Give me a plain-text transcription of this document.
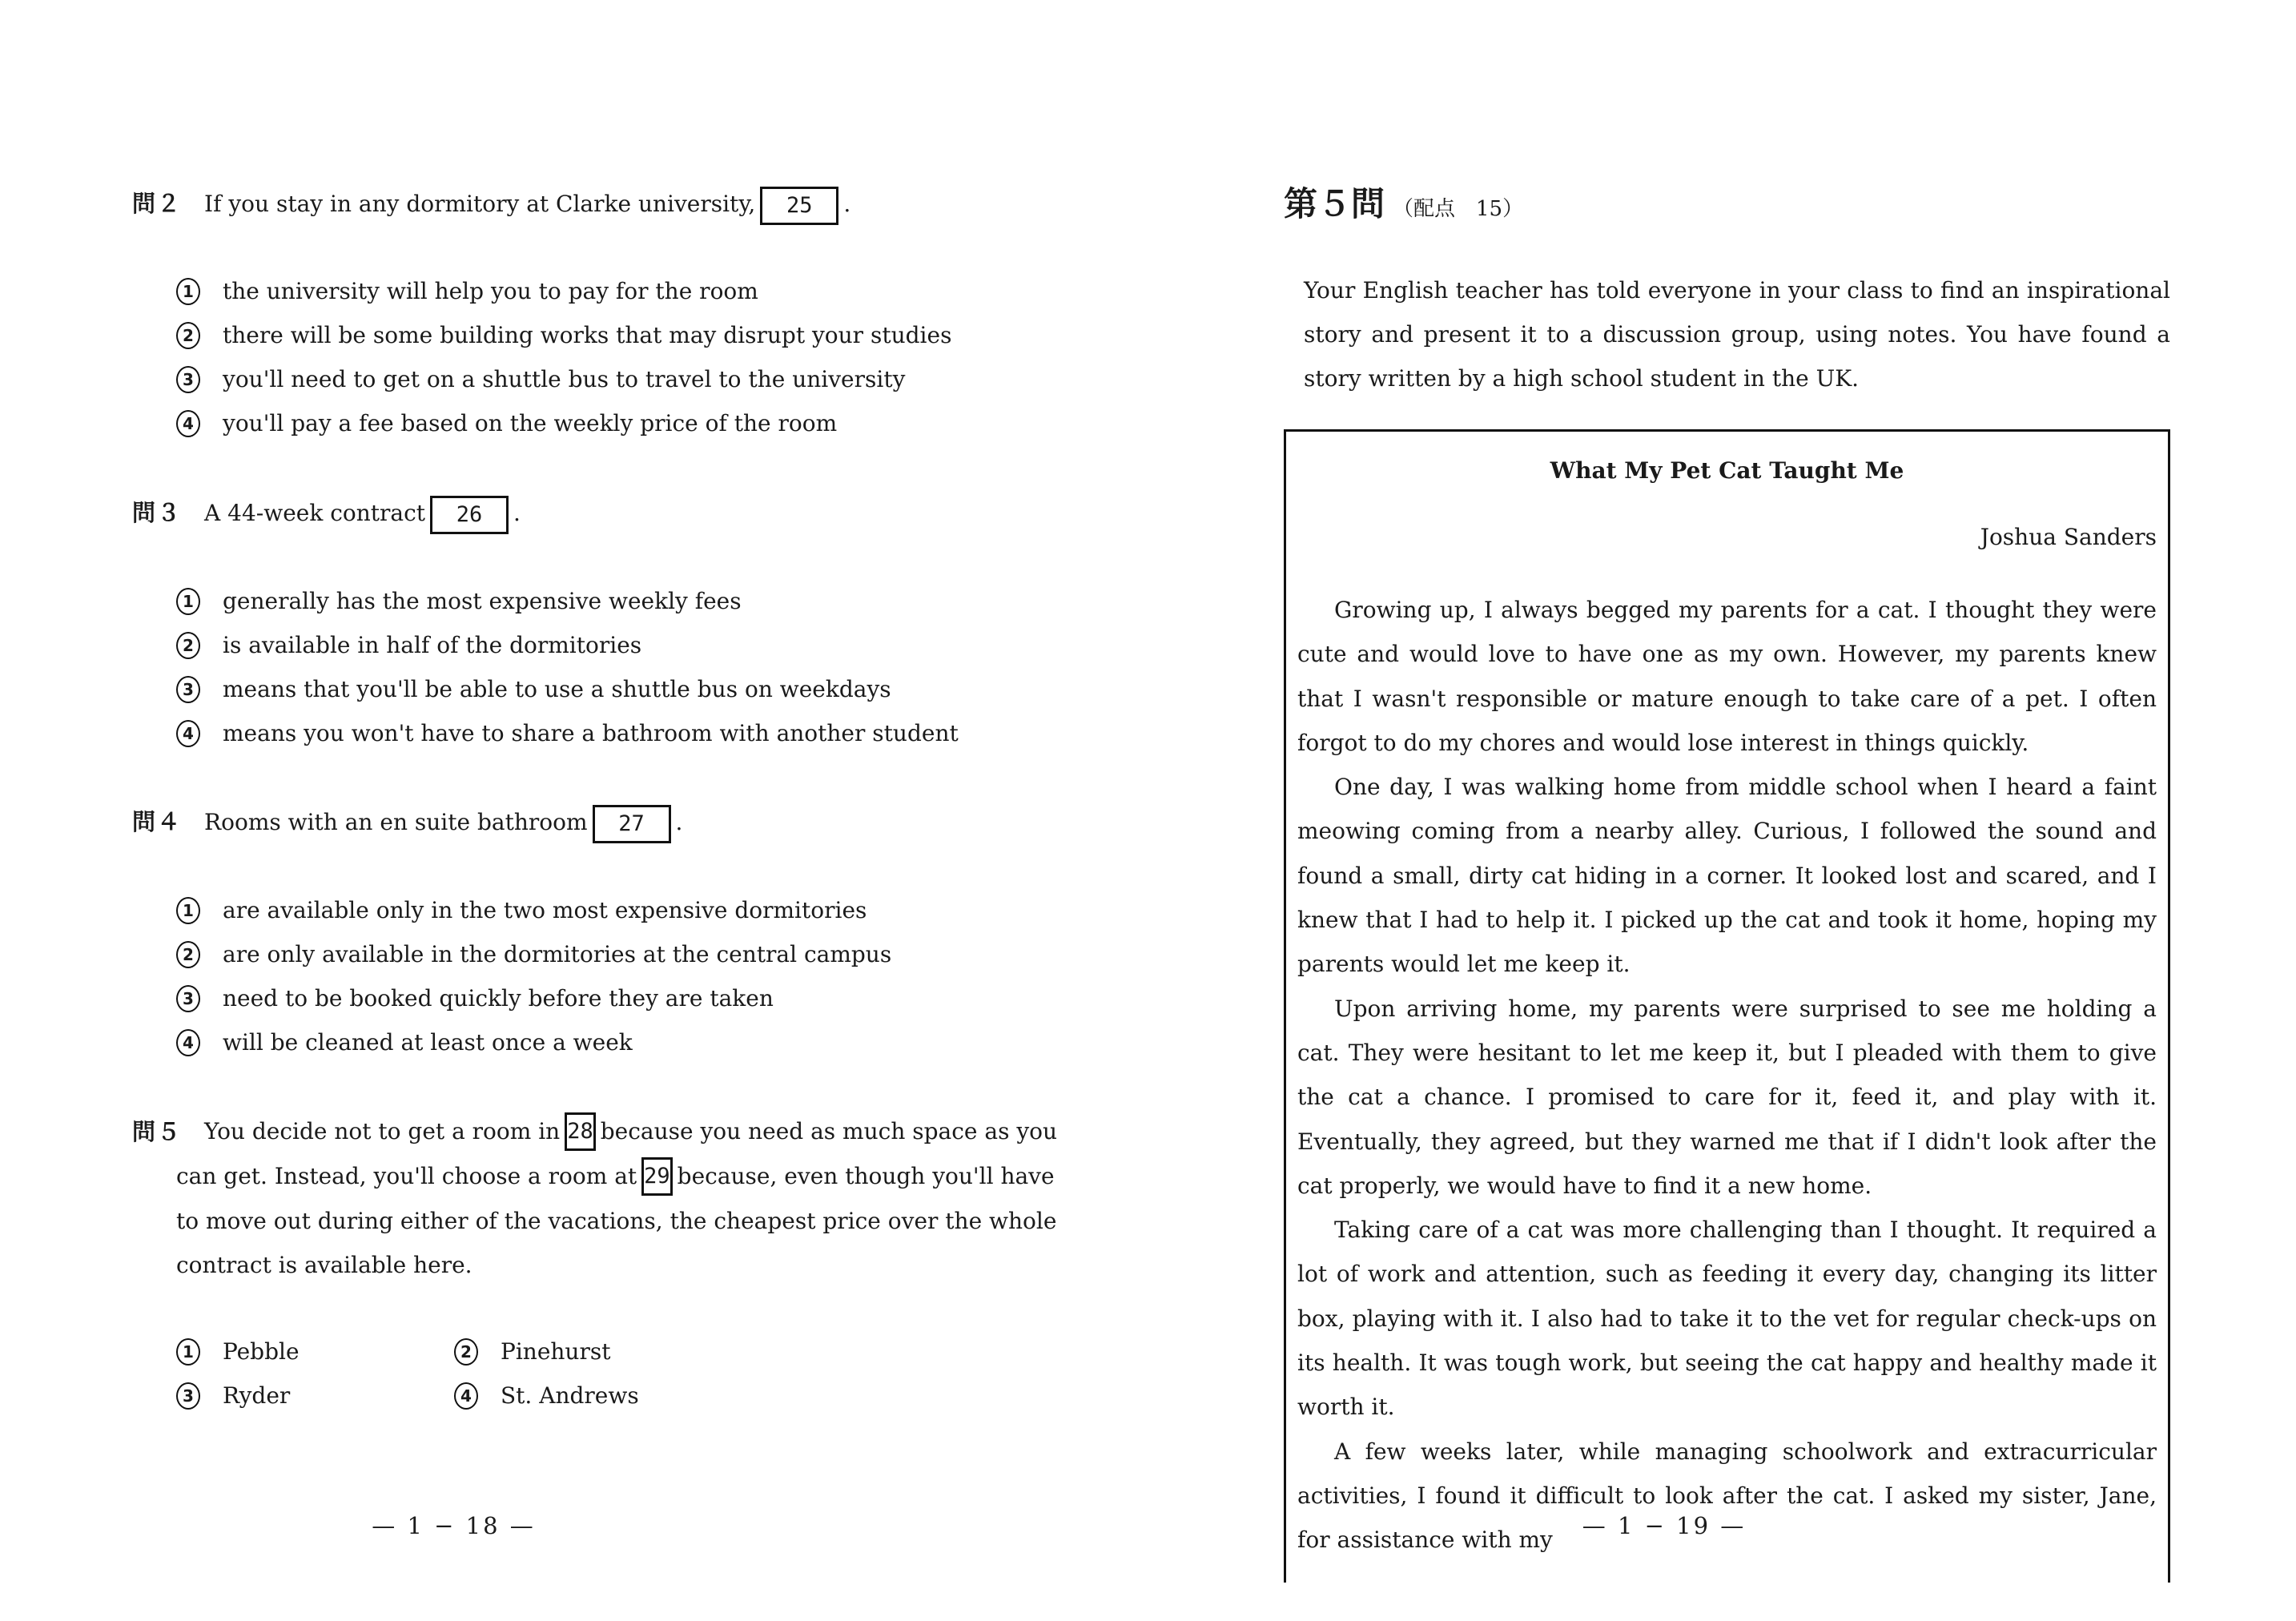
問２ If you stay in any dormitory at Clarke university, 25 .
1 the university will help you to pay for the room
2 there will be some building works that may disrupt your studies
3 you'll need to get on a shuttle bus to travel to the university
4 you'll pay a fee based on the weekly price of the room
問３ A 44-week contract 26 .
1 generally has the most expensive weekly fees
2 is available in half of the dormitories
3 means that you'll be able to use a shuttle bus on weekdays
4 means you won't have to share a bathroom with another student
問４ Rooms with an en suite bathroom 27 .
1 are available only in the two most expensive dormitories
2 are only available in the dormitories at the central campus
3 need to be booked quickly before they are taken
4 will be cleaned at least once a week
問５ You decide not to get a room in 28 because you need as much space as you
can get. Instead, you'll choose a room at 29 because, even though you'll have
to move out during either of the vacations, the cheapest price over the whole
contract is available here.
1 Pebble	2 Pinehurst
3 Ryder	4 St. Andrews
— 1 − 18 —
第５問 （配点　15）
Your English teacher has told everyone in your class to find an inspirational story and present it to a discussion group, using notes. You have found a story written by a high school student in the UK.
What My Pet Cat Taught Me
Joshua Sanders

Growing up, I always begged my parents for a cat. I thought they were cute and would love to have one as my own. However, my parents knew that I wasn't responsible or mature enough to take care of a pet. I often forgot to do my chores and would lose interest in things quickly.

One day, I was walking home from middle school when I heard a faint meowing coming from a nearby alley. Curious, I followed the sound and found a small, dirty cat hiding in a corner. It looked lost and scared, and I knew that I had to help it. I picked up the cat and took it home, hoping my parents would let me keep it.

Upon arriving home, my parents were surprised to see me holding a cat. They were hesitant to let me keep it, but I pleaded with them to give the cat a chance. I promised to care for it, feed it, and play with it. Eventually, they agreed, but they warned me that if I didn't look after the cat properly, we would have to find it a new home.

Taking care of a cat was more challenging than I thought. It required a lot of work and attention, such as feeding it every day, changing its litter box, playing with it. I also had to take it to the vet for regular check-ups on its health. It was tough work, but seeing the cat happy and healthy made it worth it.

A few weeks later, while managing schoolwork and extracurricular activities, I found it difficult to look after the cat. I asked my sister, Jane, for assistance with my

— 1 − 19 —
